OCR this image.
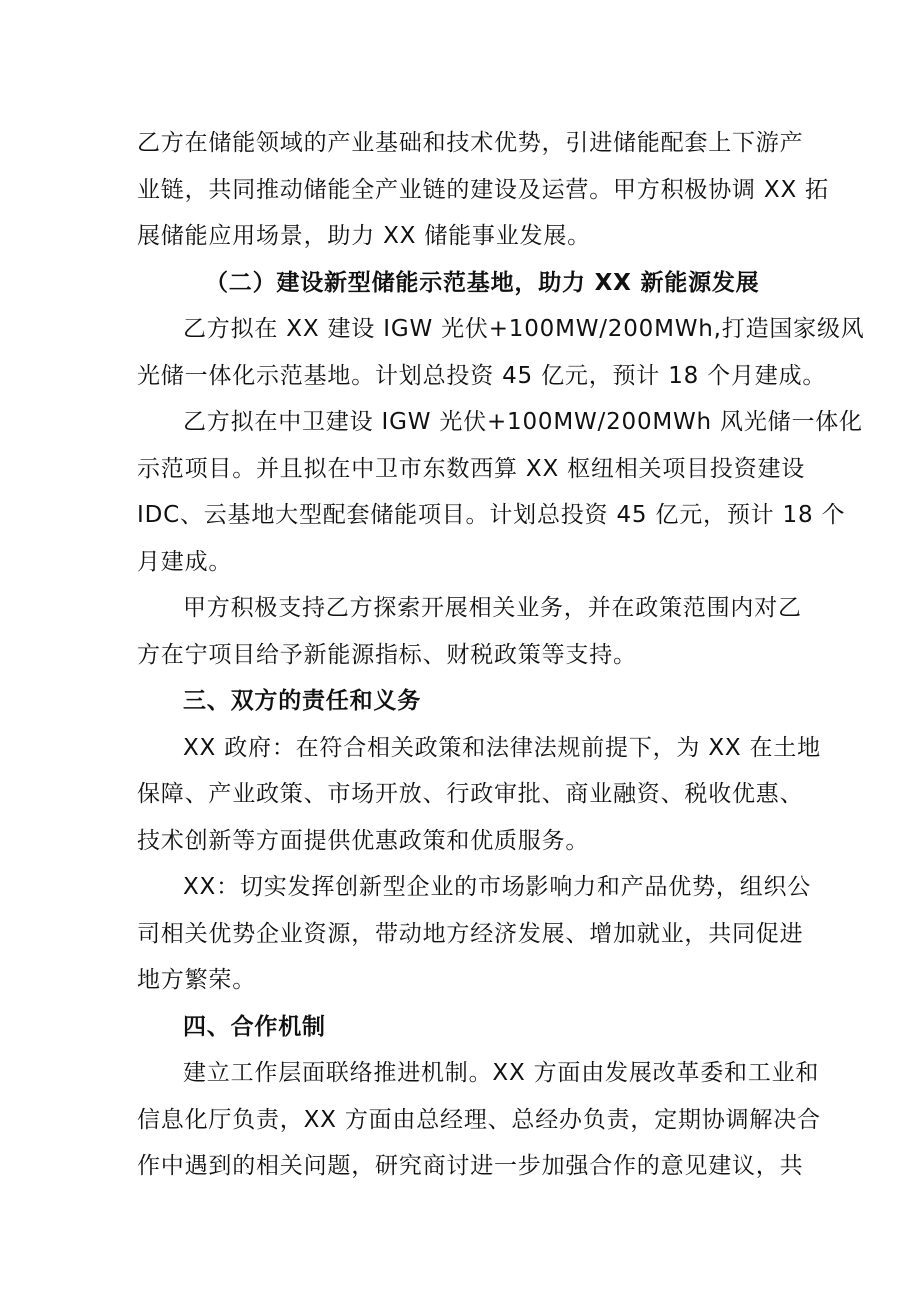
乙方在储能领域的产业基础和技术优势，引进储能配套上下游产
业链，共同推动储能全产业链的建设及运营。甲方积极协调 XX 拓
展储能应用场景，助力 XX 储能事业发展。
（二）建设新型储能示范基地，助力 XX 新能源发展
乙方拟在 XX 建设 IGW 光伏+100MW/200MWh,打造国家级风
光储一体化示范基地。计划总投资 45 亿元，预计 18 个月建成。
乙方拟在中卫建设 IGW 光伏+100MW/200MWh 风光储一体化
示范项目。并且拟在中卫市东数西算 XX 枢纽相关项目投资建设
IDC、云基地大型配套储能项目。计划总投资 45 亿元，预计 18 个
月建成。
甲方积极支持乙方探索开展相关业务，并在政策范围内对乙
方在宁项目给予新能源指标、财税政策等支持。
三、双方的责任和义务
XX 政府：在符合相关政策和法律法规前提下，为 XX 在土地
保障、产业政策、市场开放、行政审批、商业融资、税收优惠、
技术创新等方面提供优惠政策和优质服务。
XX：切实发挥创新型企业的市场影响力和产品优势，组织公
司相关优势企业资源，带动地方经济发展、增加就业，共同促进
地方繁荣。
四、合作机制
建立工作层面联络推进机制。XX 方面由发展改革委和工业和
信息化厅负责，XX 方面由总经理、总经办负责，定期协调解决合
作中遇到的相关问题，研究商讨进一步加强合作的意见建议，共
